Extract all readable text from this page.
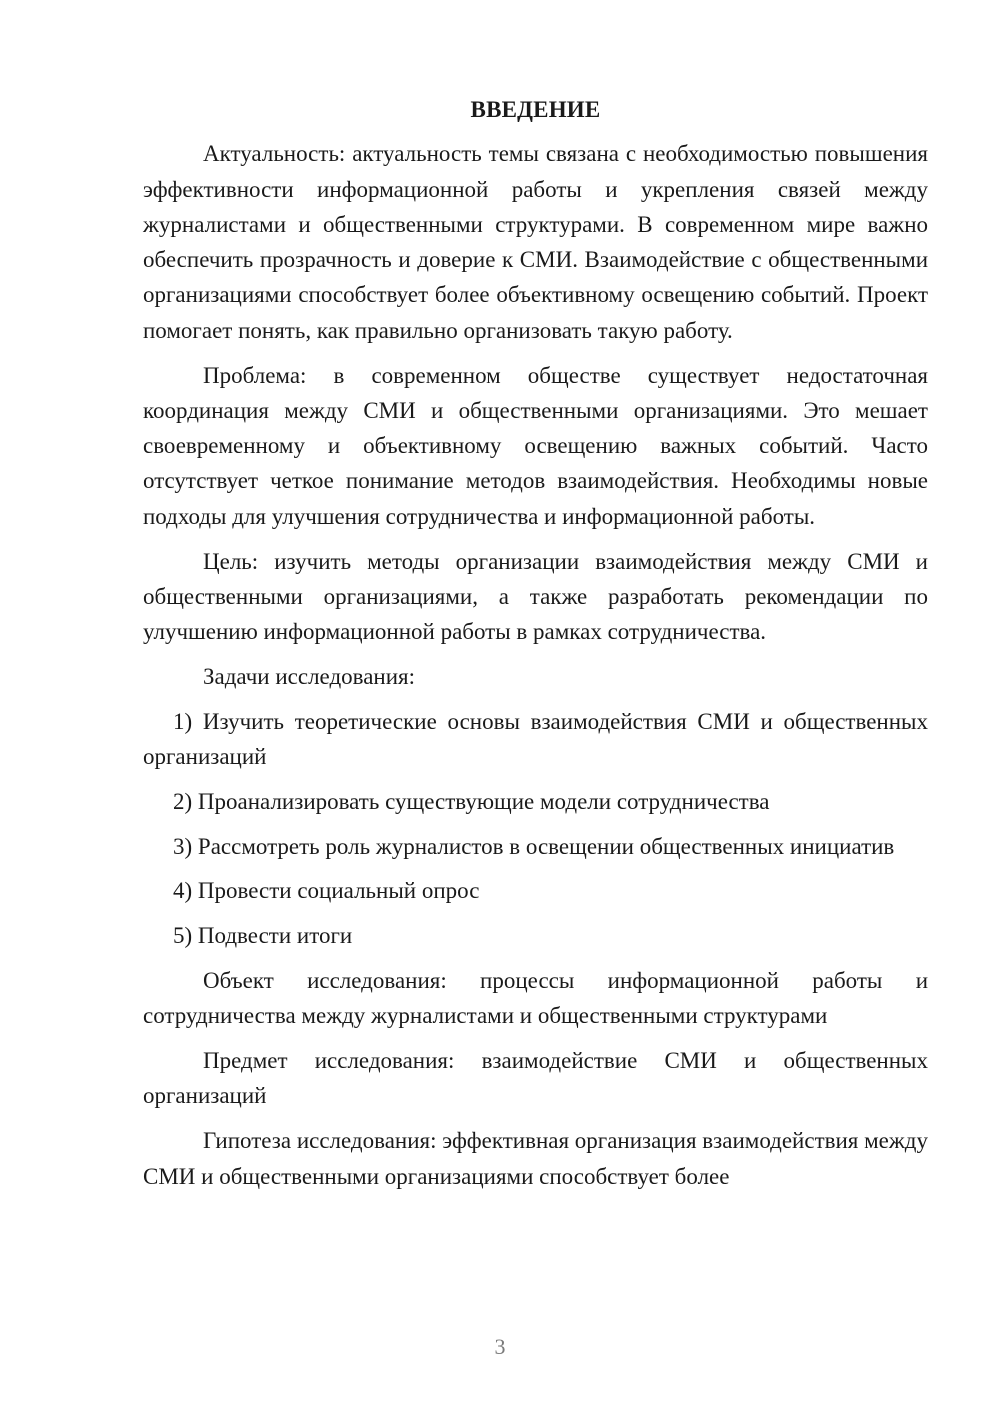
ВВЕДЕНИЕ

Актуальность: актуальность темы связана с необходимостью повышения эффективности информационной работы и укрепления связей между журналистами и общественными структурами. В современном мире важно обеспечить прозрачность и доверие к СМИ. Взаимодействие с общественными организациями способствует более объективному освещению событий. Проект помогает понять, как правильно организовать такую работу.

Проблема: в современном обществе существует недостаточная координация между СМИ и общественными организациями. Это мешает своевременному и объективному освещению важных событий. Часто отсутствует четкое понимание методов взаимодействия. Необходимы новые подходы для улучшения сотрудничества и информационной работы.

Цель: изучить методы организации взаимодействия между СМИ и общественными организациями, а также разработать рекомендации по улучшению информационной работы в рамках сотрудничества.

Задачи исследования:

1) Изучить теоретические основы взаимодействия СМИ и общественных организаций

2) Проанализировать существующие модели сотрудничества

3) Рассмотреть роль журналистов в освещении общественных инициатив

4) Провести социальный опрос

5) Подвести итоги

Объект исследования: процессы информационной работы и сотрудничества между журналистами и общественными структурами

Предмет исследования: взаимодействие СМИ и общественных организаций

Гипотеза исследования: эффективная организация взаимодействия между СМИ и общественными организациями способствует более

3
